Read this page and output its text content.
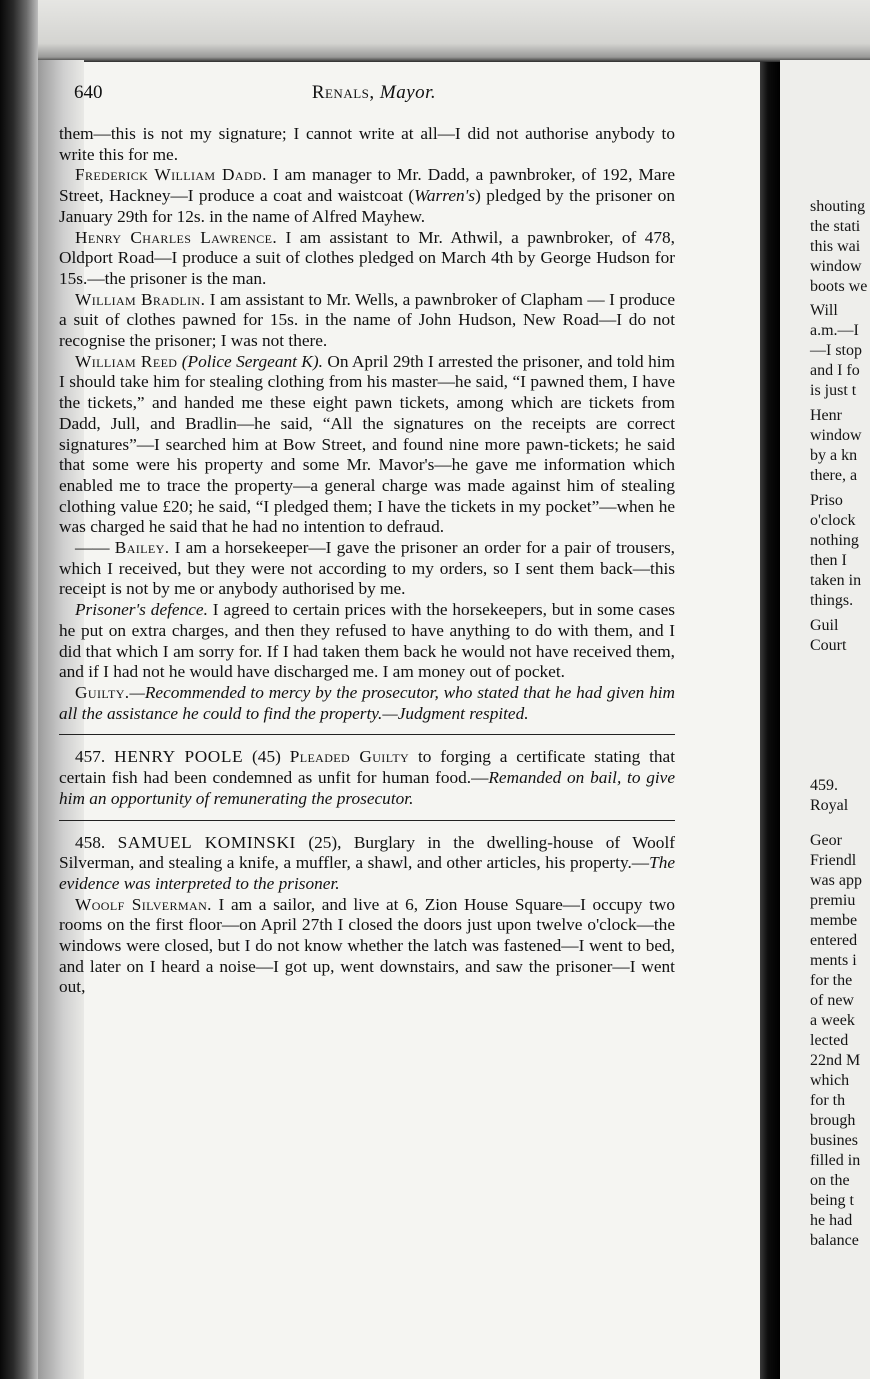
shouting
the stati
this wai
window
boots we
Will
a.m.—I
—I stop
and I fo
is just t
Henr
window
by a kn
there, a
Priso
o'clock
nothing
then I
taken in
things.
Guil
Court
459.
Royal
Geor
Friendl
was app
premiu
membe
entered
ments i
for the
of new
a week
lected
22nd M
which
for th
brough
busines
filled in
on the
being t
he had
balance
640	Renals, Mayor.

them—this is not my signature; I cannot write at all—I did not authorise anybody to write this for me.

Frederick William Dadd. I am manager to Mr. Dadd, a pawnbroker, of 192, Mare Street, Hackney—I produce a coat and waistcoat (Warren's) pledged by the prisoner on January 29th for 12s. in the name of Alfred Mayhew.

Henry Charles Lawrence. I am assistant to Mr. Athwil, a pawnbroker, of 478, Oldport Road—I produce a suit of clothes pledged on March 4th by George Hudson for 15s.—the prisoner is the man.

William Bradlin. I am assistant to Mr. Wells, a pawnbroker of Clapham — I produce a suit of clothes pawned for 15s. in the name of John Hudson, New Road—I do not recognise the prisoner; I was not there.

William Reed (Police Sergeant K). On April 29th I arrested the prisoner, and told him I should take him for stealing clothing from his master—he said, “I pawned them, I have the tickets,” and handed me these eight pawn tickets, among which are tickets from Dadd, Jull, and Bradlin—he said, “All the signatures on the receipts are correct signatures”—I searched him at Bow Street, and found nine more pawn-tickets; he said that some were his property and some Mr. Mavor's—he gave me information which enabled me to trace the property—a general charge was made against him of stealing clothing value £20; he said, “I pledged them; I have the tickets in my pocket”—when he was charged he said that he had no intention to defraud.

—— Bailey. I am a horsekeeper—I gave the prisoner an order for a pair of trousers, which I received, but they were not according to my orders, so I sent them back—this receipt is not by me or anybody authorised by me.

Prisoner's defence. I agreed to certain prices with the horsekeepers, but in some cases he put on extra charges, and then they refused to have anything to do with them, and I did that which I am sorry for. If I had taken them back he would not have received them, and if I had not he would have discharged me. I am money out of pocket.

Guilty.—Recommended to mercy by the prosecutor, who stated that he had given him all the assistance he could to find the property.—Judgment respited.

457. HENRY POOLE (45) Pleaded Guilty to forging a certificate stating that certain fish had been condemned as unfit for human food.—Remanded on bail, to give him an opportunity of remunerating the prosecutor.

458. SAMUEL KOMINSKI (25), Burglary in the dwelling-house of Woolf Silverman, and stealing a knife, a muffler, a shawl, and other articles, his property.—The evidence was interpreted to the prisoner.

Woolf Silverman. I am a sailor, and live at 6, Zion House Square—I occupy two rooms on the first floor—on April 27th I closed the doors just upon twelve o'clock—the windows were closed, but I do not know whether the latch was fastened—I went to bed, and later on I heard a noise—I got up, went downstairs, and saw the prisoner—I went out,
